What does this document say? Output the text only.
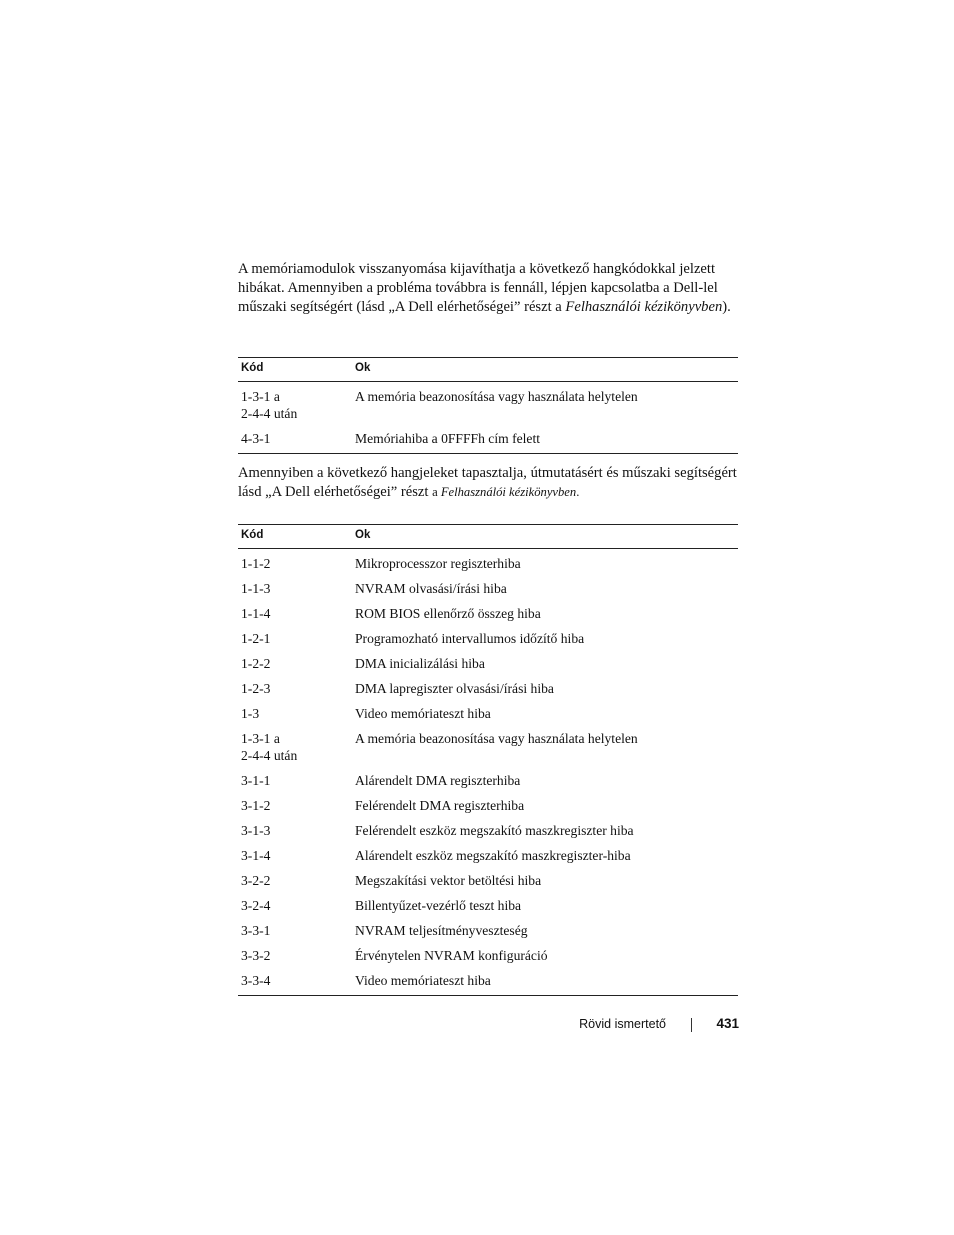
A memóriamodulok visszanyomása kijavíthatja a következő hangkódokkal jelzett hibákat. Amennyiben a probléma továbbra is fennáll, lépjen kapcsolatba a Dell-lel műszaki segítségért (lásd „A Dell elérhetőségei” részt a Felhasználói kézikönyvben).

Kód	Ok

1-3-1 a
2-4-4 után	A memória beazonosítása vagy használata helytelen

4-3-1	Memóriahiba a 0FFFFh cím felett

Amennyiben a következő hangjeleket tapasztalja, útmutatásért és műszaki segítségért lásd „A Dell elérhetőségei” részt a Felhasználói kézikönyvben.

Kód	Ok

1-1-2	Mikroprocesszor regiszterhiba

1-1-3	NVRAM olvasási/írási hiba

1-1-4	ROM BIOS ellenőrző összeg hiba

1-2-1	Programozható intervallumos időzítő hiba

1-2-2	DMA inicializálási hiba

1-2-3	DMA lapregiszter olvasási/írási hiba

1-3	Video memóriateszt hiba

1-3-1 a
2-4-4 után	A memória beazonosítása vagy használata helytelen

3-1-1	Alárendelt DMA regiszterhiba

3-1-2	Felérendelt DMA regiszterhiba

3-1-3	Felérendelt eszköz megszakító maszkregiszter hiba

3-1-4	Alárendelt eszköz megszakító maszkregiszter-hiba

3-2-2	Megszakítási vektor betöltési hiba

3-2-4	Billentyűzet-vezérlő teszt hiba

3-3-1	NVRAM teljesítményveszteség

3-3-2	Érvénytelen NVRAM konfiguráció

3-3-4	Video memóriateszt hiba
Rövid ismertető	431
